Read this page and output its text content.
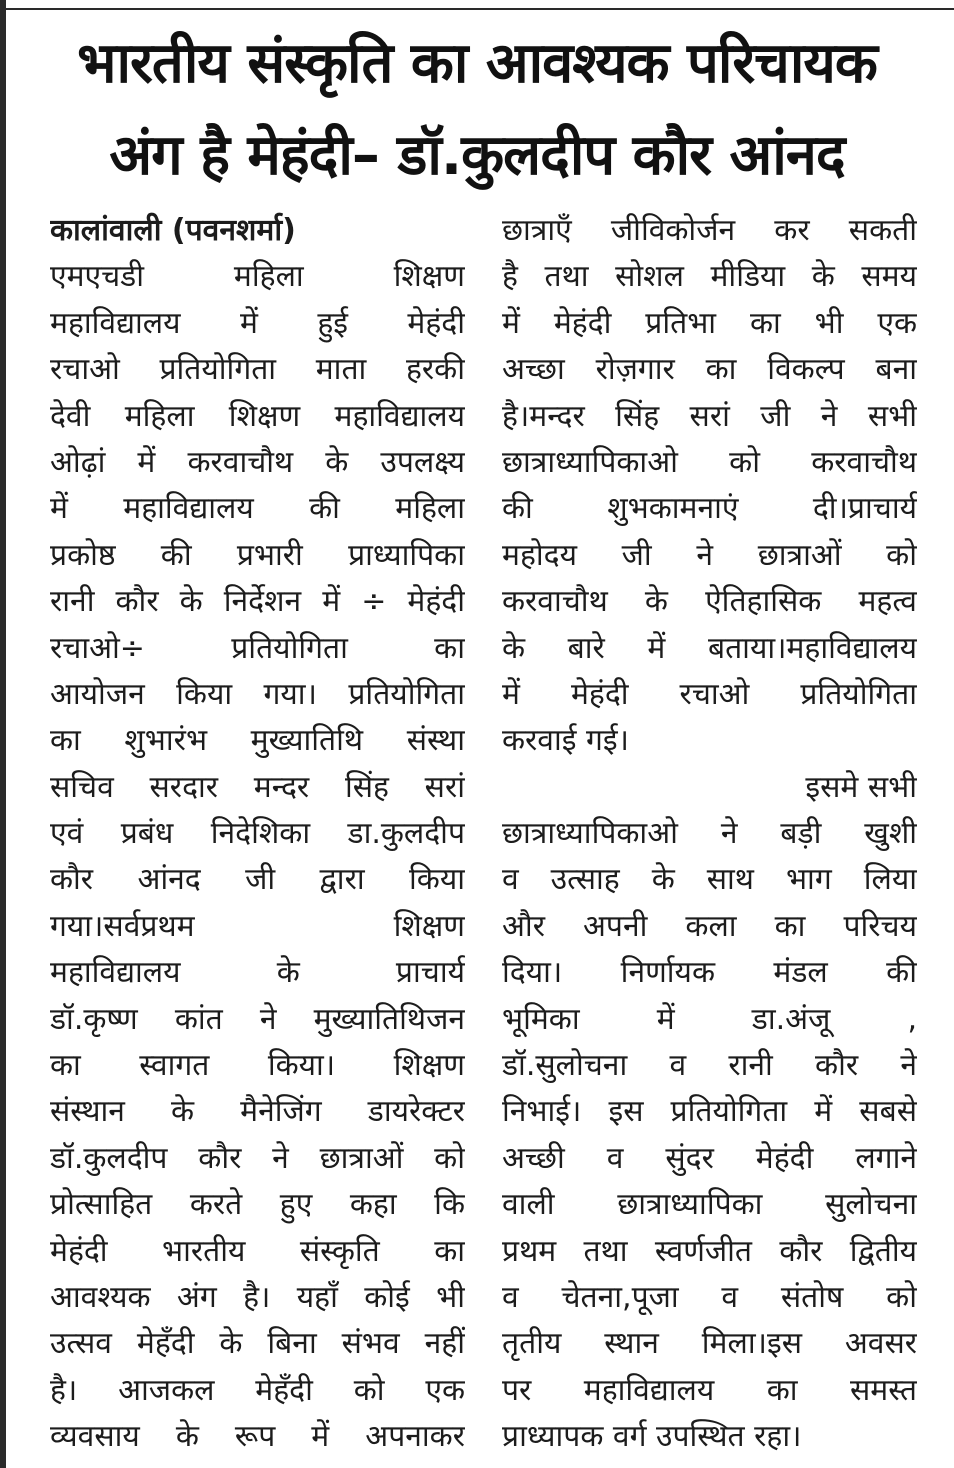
भारतीय संस्कृति का आवश्यक परिचायक
अंग है मेहंदी– डॉ.कुलदीप कौर आंनद
कालांवाली (पवनशर्मा)
एमएचडी महिला शिक्षण
महाविद्यालय में हुई मेहंदी
रचाओ प्रतियोगिता माता हरकी
देवी महिला शिक्षण महाविद्यालय
ओढ़ां में करवाचौथ के उपलक्ष्य
में महाविद्यालय की महिला
प्रकोष्ठ की प्रभारी प्राध्यापिका
रानी कौर के निर्देशन में ÷ मेहंदी
रचाओ÷ प्रतियोगिता का
आयोजन किया गया। प्रतियोगिता
का शुभारंभ मुख्यातिथि संस्था
सचिव सरदार मन्दर सिंह सरां
एवं प्रबंध निदेशिका डा.कुलदीप
कौर आंनद जी द्वारा किया
गया।सर्वप्रथम शिक्षण
महाविद्यालय के प्राचार्य
डॉ.कृष्ण कांत ने मुख्यातिथिजन
का स्वागत किया। शिक्षण
संस्थान के मैनेजिंग डायरेक्टर
डॉ.कुलदीप कौर ने छात्राओं को
प्रोत्साहित करते हुए कहा कि
मेहंदी भारतीय संस्कृति का
आवश्यक अंग है। यहाँ कोई भी
उत्सव मेहँदी के बिना संभव नहीं
है। आजकल मेहँदी को एक
व्यवसाय के रूप में अपनाकर
छात्राएँ जीविकोर्जन कर सकती
है तथा सोशल मीडिया के समय
में मेहंदी प्रतिभा का भी एक
अच्छा रोज़गार का विकल्प बना
है।मन्दर सिंह सरां जी ने सभी
छात्राध्यापिकाओ को करवाचौथ
की शुभकामनाएं दी।प्राचार्य
महोदय जी ने छात्राओं को
करवाचौथ के ऐतिहासिक महत्व
के बारे में बताया।महाविद्यालय
में मेहंदी रचाओ प्रतियोगिता
करवाई गई।
इसमे सभी
छात्राध्यापिकाओ ने बड़ी खुशी
व उत्साह के साथ भाग लिया
और अपनी कला का परिचय
दिया। निर्णायक मंडल की
भूमिका में डा.अंजू ,
डॉ.सुलोचना व रानी कौर ने
निभाई। इस प्रतियोगिता में सबसे
अच्छी व सुंदर मेहंदी लगाने
वाली छात्राध्यापिका सुलोचना
प्रथम तथा स्वर्णजीत कौर द्वितीय
व चेतना,पूजा व संतोष को
तृतीय स्थान मिला।इस अवसर
पर महाविद्यालय का समस्त
प्राध्यापक वर्ग उपस्थित रहा।
